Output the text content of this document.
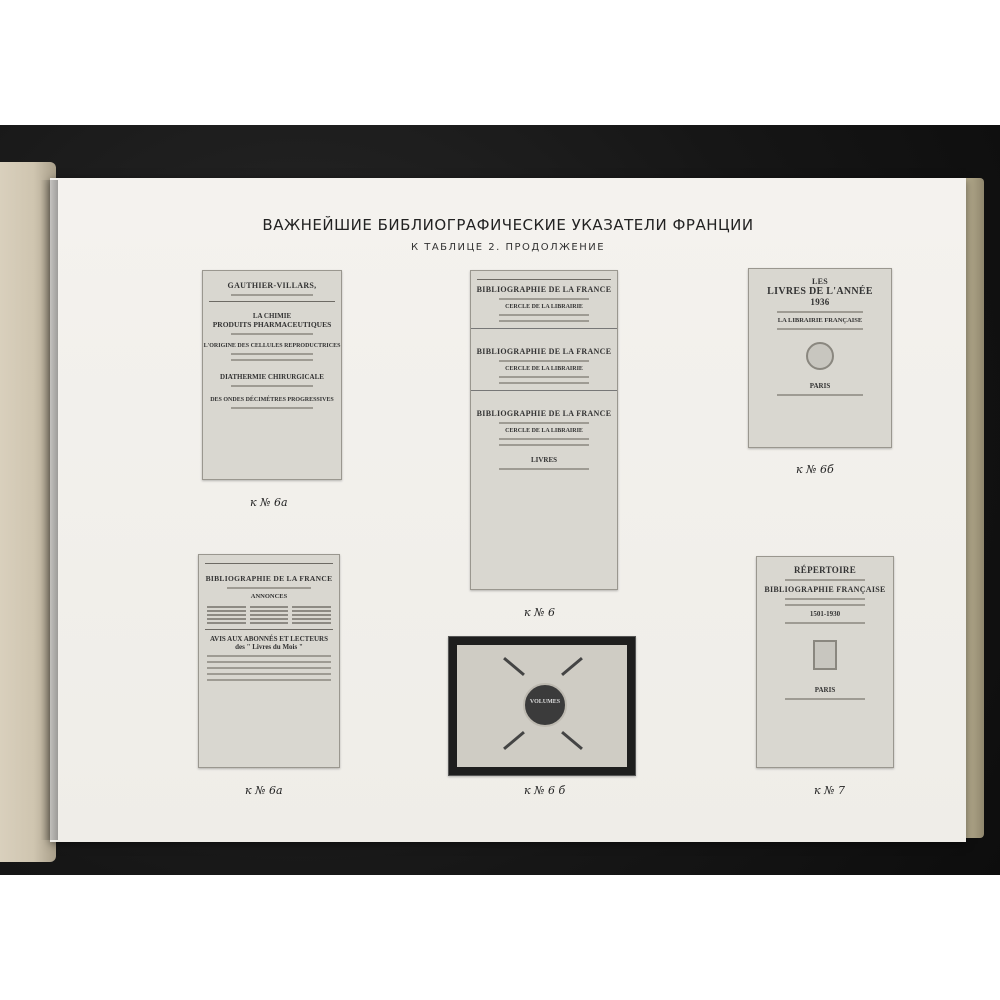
ВАЖНЕЙШИЕ БИБЛИОГРАФИЧЕСКИЕ УКАЗАТЕЛИ ФРАНЦИИ
К ТАБЛИЦЕ 2. ПРОДОЛЖЕНИЕ
GAUTHIER-VILLARS,
LA CHIMIE
PRODUITS PHARMACEUTIQUES
L'ORIGINE DES CELLULES REPRODUCTRICES
DIATHERMIE CHIRURGICALE
DES ONDES DÉCIMÉTRES PROGRESSIVES
к № 6а
BIBLIOGRAPHIE DE LA FRANCE
CERCLE DE LA LIBRAIRIE
BIBLIOGRAPHIE DE LA FRANCE
CERCLE DE LA LIBRAIRIE
BIBLIOGRAPHIE DE LA FRANCE
CERCLE DE LA LIBRAIRIE
LIVRES
к № 6
LES
LIVRES DE L'ANNÉE
1936
LA LIBRAIRIE FRANÇAISE
PARIS
к № 6б
BIBLIOGRAPHIE DE LA FRANCE
ANNONCES
AVIS AUX ABONNÉS ET LECTEURS
des " Livres du Mois "
к № 6а
VOLUMES
к № 6 б
RÉPERTOIRE
BIBLIOGRAPHIE FRANÇAISE
1501-1930
PARIS
к № 7
